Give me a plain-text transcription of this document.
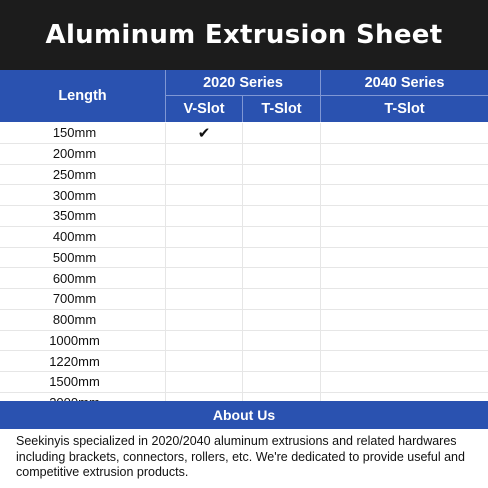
Aluminum Extrusion Sheet
Length
2020 Series	2040 Series
V-Slot	T-Slot	T-Slot
150mm	✔
200mm
250mm
300mm
350mm
400mm
500mm
600mm
700mm
800mm
1000mm
1220mm
1500mm
About Us

Seekinyis specialized in 2020/2040 aluminum extrusions and related hardwares including brackets, connectors, rollers, etc. We're dedicated to provide useful and competitive extrusion products.
